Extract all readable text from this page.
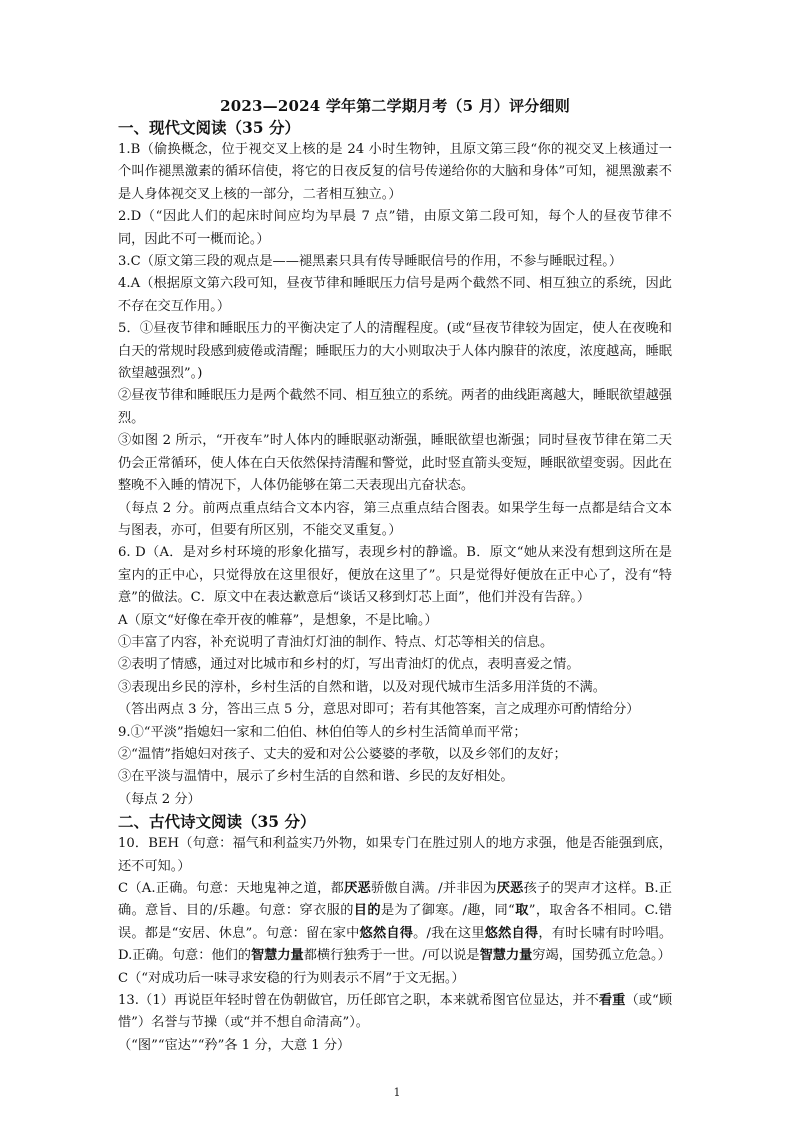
2023—2024 学年第二学期月考（5 月）评分细则
一、现代文阅读（35 分）

1.B（偷换概念，位于视交叉上核的是 24 小时生物钟，且原文第三段“你的视交叉上核通过一个叫作褪黑激素的循环信使，将它的日夜反复的信号传递给你的大脑和身体”可知，褪黑激素不是人身体视交叉上核的一部分，二者相互独立。）

2.D（“因此人们的起床时间应均为早晨 7 点”错，由原文第二段可知，每个人的昼夜节律不同，因此不可一概而论。）

3.C（原文第三段的观点是——褪黑素只具有传导睡眠信号的作用，不参与睡眠过程。）

4.A（根据原文第六段可知，昼夜节律和睡眠压力信号是两个截然不同、相互独立的系统，因此不存在交互作用。）

5．①昼夜节律和睡眠压力的平衡决定了人的清醒程度。(或“昼夜节律较为固定，使人在夜晚和白天的常规时段感到疲倦或清醒；睡眠压力的大小则取决于人体内腺苷的浓度，浓度越高，睡眠欲望越强烈”。)

②昼夜节律和睡眠压力是两个截然不同、相互独立的系统。两者的曲线距离越大，睡眠欲望越强烈。

③如图 2 所示，“开夜车”时人体内的睡眠驱动渐强，睡眠欲望也渐强；同时昼夜节律在第二天仍会正常循环，使人体在白天依然保持清醒和警觉，此时竖直箭头变短，睡眠欲望变弱。因此在整晚不入睡的情况下，人体仍能够在第二天表现出亢奋状态。

（每点 2 分。前两点重点结合文本内容，第三点重点结合图表。如果学生每一点都是结合文本与图表，亦可，但要有所区别，不能交叉重复。）

6. D（A．是对乡村环境的形象化描写，表现乡村的静谧。B．原文“她从来没有想到这所在是室内的正中心，只觉得放在这里很好，便放在这里了”。只是觉得好便放在正中心了，没有“特意”的做法。C．原文中在表达歉意后“谈话又移到灯芯上面”，他们并没有告辞。）

A（原文“好像在牵开夜的帷幕”，是想象，不是比喻。）

①丰富了内容，补充说明了青油灯灯油的制作、特点、灯芯等相关的信息。

②表明了情感，通过对比城市和乡村的灯，写出青油灯的优点，表明喜爱之情。

③表现出乡民的淳朴，乡村生活的自然和谐，以及对现代城市生活多用洋货的不满。

（答出两点 3 分，答出三点 5 分，意思对即可；若有其他答案，言之成理亦可酌情给分）

9.①“平淡”指媳妇一家和二伯伯、林伯伯等人的乡村生活简单而平常；

②“温情”指媳妇对孩子、丈夫的爱和对公公婆婆的孝敬，以及乡邻们的友好；

③在平淡与温情中，展示了乡村生活的自然和谐、乡民的友好相处。

（每点 2 分）

二、古代诗文阅读（35 分）

10．BEH（句意：福气和利益实乃外物，如果专门在胜过别人的地方求强，他是否能强到底，还不可知。）

C（A.正确。句意：天地鬼神之道，都厌恶骄傲自满。/并非因为厌恶孩子的哭声才这样。B.正确。意旨、目的/乐趣。句意：穿衣服的目的是为了御寒。/趣，同“取”，取舍各不相同。C.错误。都是“安居、休息”。句意：留在家中悠然自得。/我在这里悠然自得，有时长啸有时吟唱。D.正确。句意：他们的智慧力量都横行独秀于一世。/可以说是智慧力量穷竭，国势孤立危急。）

C（“对成功后一味寻求安稳的行为则表示不屑”于文无据。）

13.（1）再说臣年轻时曾在伪朝做官，历任郎官之职，本来就希图官位显达，并不看重（或“顾惜”）名誉与节操（或“并不想自命清高”）。

（“图”“宦达”“矜”各 1 分，大意 1 分）

1
